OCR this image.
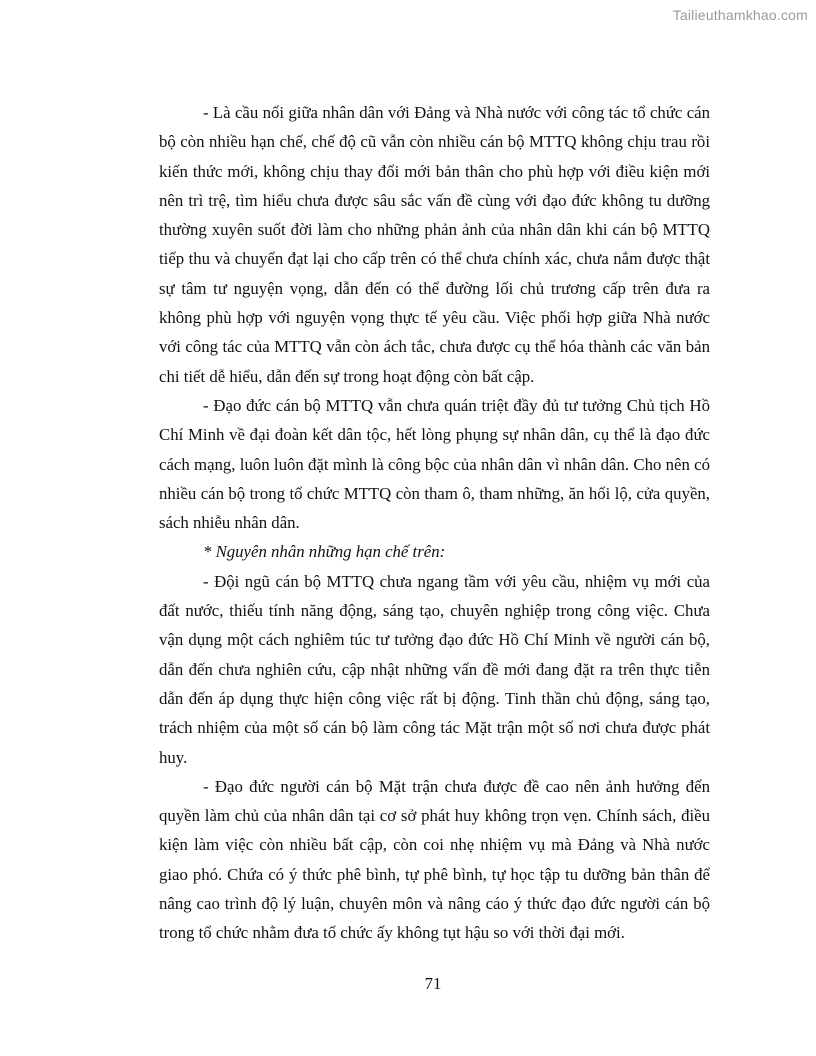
Tailieuthamkhao.com

- Là cầu nối giữa nhân dân với Đảng và Nhà nước với công tác tổ chức cán bộ còn nhiều hạn chế, chế độ cũ vẫn còn nhiều cán bộ MTTQ không chịu trau rồi kiến thức mới, không chịu thay đổi mới bản thân cho phù hợp với điều kiện mới nên trì trệ, tìm hiểu chưa được sâu sắc vấn đề cùng với đạo đức không tu dưỡng thường xuyên suốt đời làm cho những phản ảnh của nhân dân khi cán bộ MTTQ tiếp thu và chuyển đạt lại cho cấp trên có thể chưa chính xác, chưa nắm được thật sự tâm tư nguyện vọng, dẫn đến có thể đường lối chủ trương cấp trên đưa ra không phù hợp với nguyện vọng thực tế yêu cầu. Việc phối hợp giữa Nhà nước với công tác của MTTQ vẫn còn ách tắc, chưa được cụ thể hóa thành các văn bản chi tiết dễ hiểu, dẫn đến sự trong hoạt động còn bất cập.

- Đạo đức cán bộ MTTQ vẫn chưa quán triệt đầy đủ tư tưởng Chủ tịch Hồ Chí Minh về đại đoàn kết dân tộc, hết lòng phụng sự nhân dân, cụ thể là đạo đức cách mạng, luôn luôn đặt mình là công bộc của nhân dân vì nhân dân. Cho nên có nhiều cán bộ trong tổ chức MTTQ còn tham ô, tham những, ăn hối lộ, cửa quyền, sách nhiễu nhân dân.

* Nguyên nhân những hạn chế trên:

- Đội ngũ cán bộ MTTQ chưa ngang tầm với yêu cầu, nhiệm vụ mới của đất nước, thiếu tính năng động, sáng tạo, chuyên nghiệp trong công việc. Chưa vận dụng một cách nghiêm túc tư tưởng đạo đức Hồ Chí Minh về người cán bộ, dẫn đến chưa nghiên cứu, cập nhật những vấn đề mới đang đặt ra trên thực tiễn dẫn đến áp dụng thực hiện công việc rất bị động. Tinh thần chủ động, sáng tạo, trách nhiệm của một số cán bộ làm công tác Mặt trận một số nơi chưa được phát huy.

- Đạo đức người cán bộ Mặt trận chưa được đề cao nên ảnh hưởng đến quyền làm chủ của nhân dân tại cơ sở phát huy không trọn vẹn. Chính sách, điều kiện làm việc còn nhiều bất cập, còn coi nhẹ nhiệm vụ mà Đảng và Nhà nước giao phó. Chứa có ý thức phê bình, tự phê bình, tự học tập tu dưỡng bản thân để nâng cao trình độ lý luận, chuyên môn và nâng cáo ý thức đạo đức người cán bộ trong tổ chức nhằm đưa tổ chức ấy không tụt hậu so với thời đại mới.

71
